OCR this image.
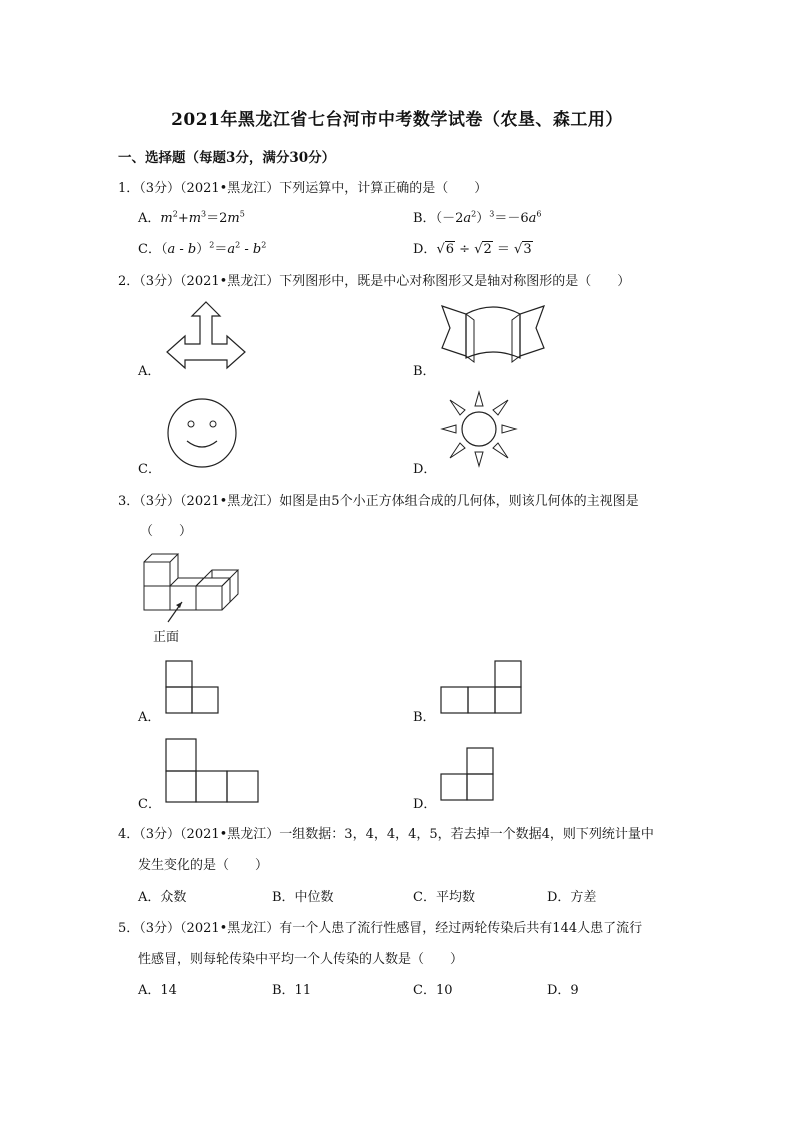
2021年黑龙江省七台河市中考数学试卷（农垦、森工用）
一、选择题（每题3分，满分30分）
1．（3分）（2021•黑龙江）下列运算中，计算正确的是（　　）
A．$m^2+m^3=2m^5$	B．$(-2a^2)^3=-6a^6$
C．$(a - b)^2=a^2 - b^2$	D．√6 ÷ √2 ＝ √3
2．（3分）（2021•黑龙江）下列图形中，既是中心对称图形又是轴对称图形的是（　　）
A．	B．
C．	D．
3．（3分）（2021•黑龙江）如图是由5个小正方体组合成的几何体，则该几何体的主视图是
（　　）
正面
A．	B．
C．	D．
4．（3分）（2021•黑龙江）一组数据：3，4，4，4，5，若去掉一个数据4，则下列统计量中
发生变化的是（　　）
A．众数	B．中位数	C．平均数	D．方差
5．（3分）（2021•黑龙江）有一个人患了流行性感冒，经过两轮传染后共有144人患了流行
性感冒，则每轮传染中平均一个人传染的人数是（　　）
A．14	B．11	C．10	D．9
